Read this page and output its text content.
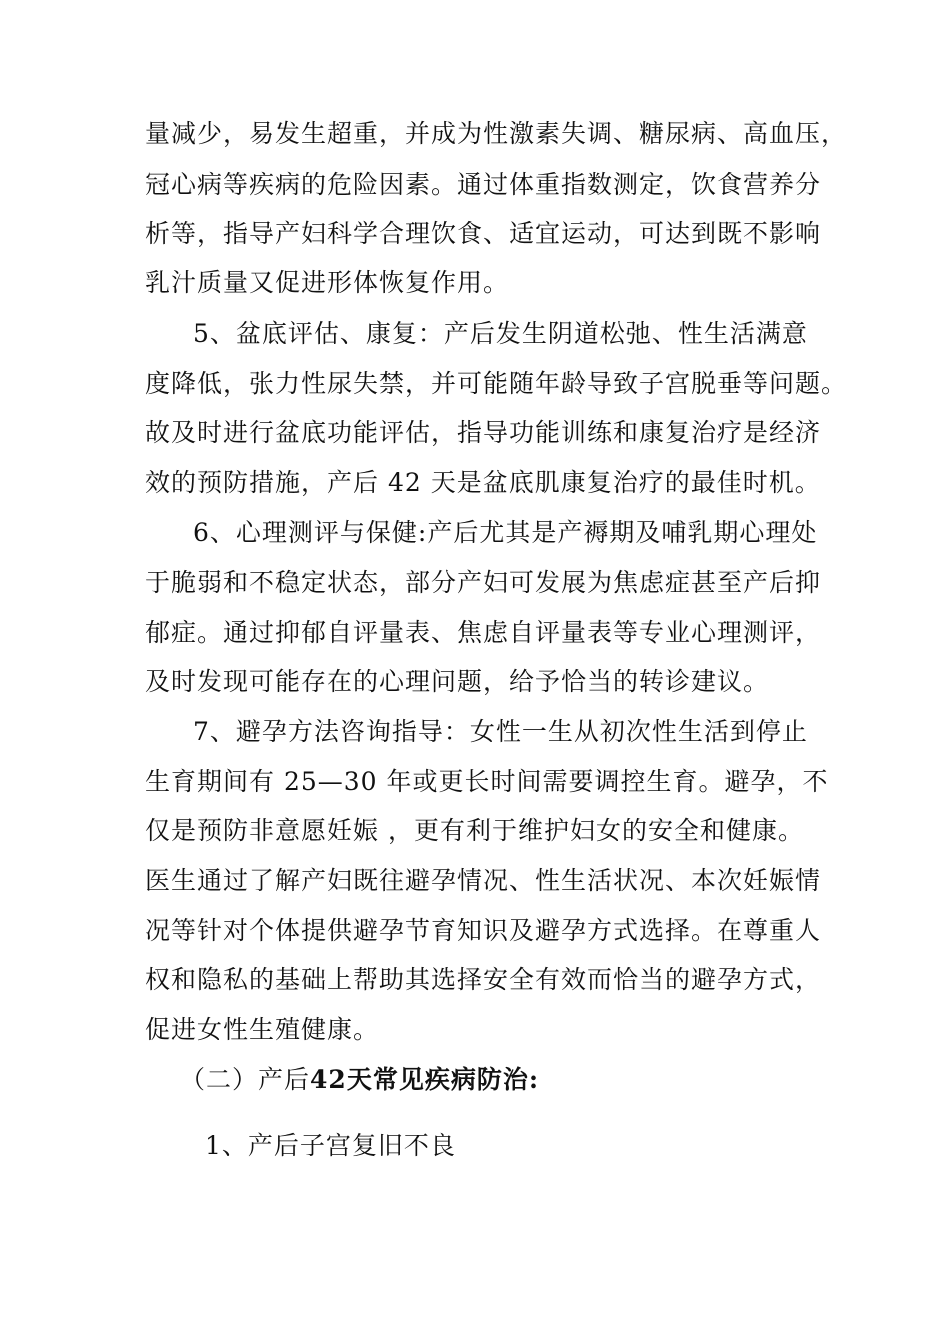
量减少，易发生超重，并成为性激素失调、糖尿病、高血压，
冠心病等疾病的危险因素。通过体重指数测定，饮食营养分
析等，指导产妇科学合理饮食、适宜运动，可达到既不影响
乳汁质量又促进形体恢复作用。
5、盆底评估、康复：产后发生阴道松弛、性生活满意
度降低，张力性尿失禁，并可能随年龄导致子宫脱垂等问题。
故及时进行盆底功能评估，指导功能训练和康复治疗是经济
效的预防措施，产后 42 天是盆底肌康复治疗的最佳时机。
6、心理测评与保健:产后尤其是产褥期及哺乳期心理处
于脆弱和不稳定状态，部分产妇可发展为焦虑症甚至产后抑
郁症。通过抑郁自评量表、焦虑自评量表等专业心理测评，
及时发现可能存在的心理问题，给予恰当的转诊建议。
7、避孕方法咨询指导：女性一生从初次性生活到停止
生育期间有 25—30 年或更长时间需要调控生育。避孕，不
仅是预防非意愿妊娠 ，更有利于维护妇女的安全和健康。
医生通过了解产妇既往避孕情况、性生活状况、本次妊娠情
况等针对个体提供避孕节育知识及避孕方式选择。在尊重人
权和隐私的基础上帮助其选择安全有效而恰当的避孕方式，
促进女性生殖健康。
（二）产后42天常见疾病防治:
1、产后子宫复旧不良
